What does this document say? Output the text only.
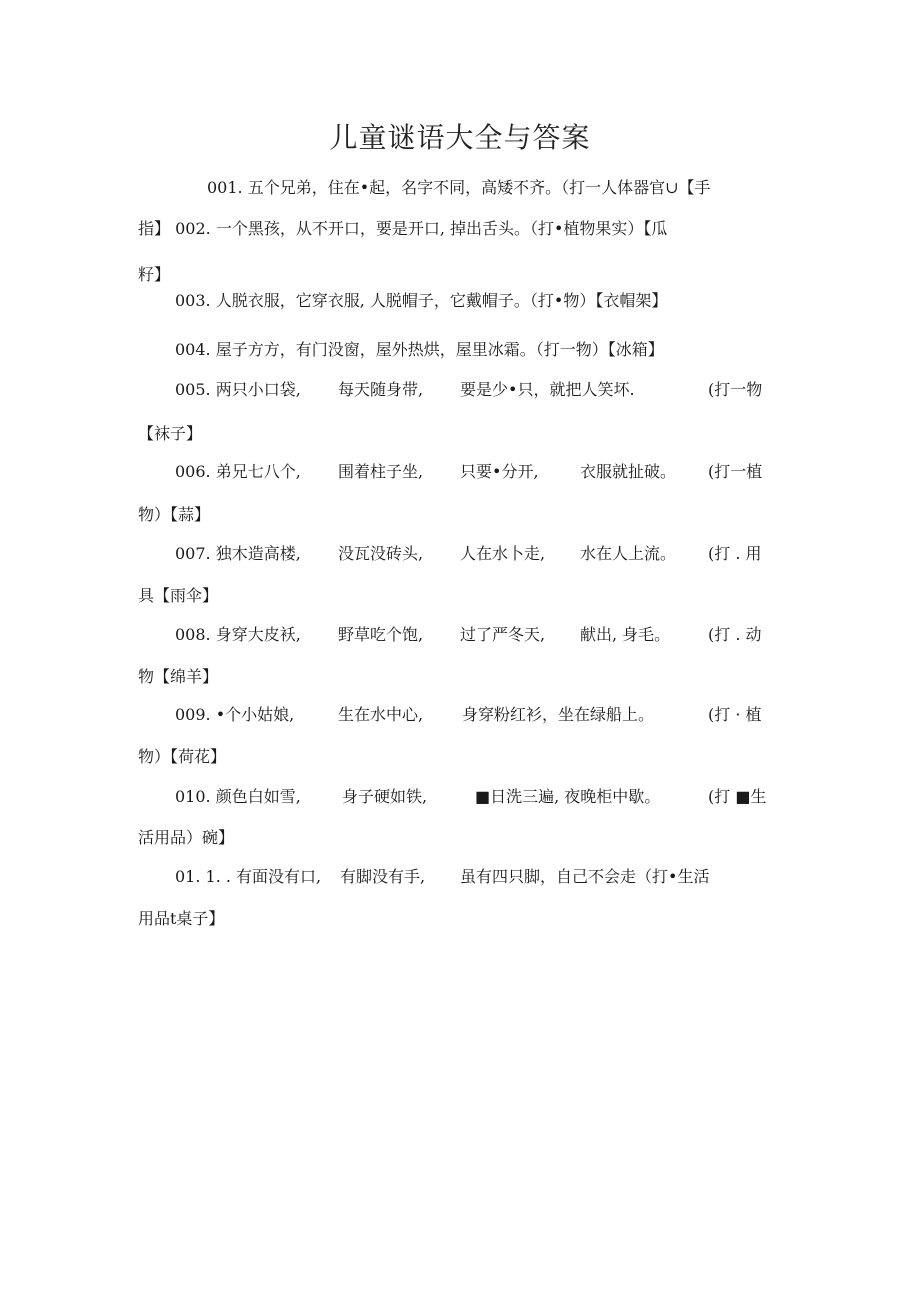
儿童谜语大全与答案
001. 五个兄弟，住在•起，名字不同，高矮不齐。（打一人体器官∪【手
指】 002. 一个黑孩，从不开口，要是开口, 掉出舌头。（打•植物果实）【瓜
籽】
003. 人脱衣服，它穿衣服, 人脱帽子，它戴帽子。（打•物）【衣帽架】
004. 屋子方方，有门没窗，屋外热烘，屋里冰霜。（打一物）【冰箱】
005. 两只小口袋, 每天随身带, 要是少•只，就把人笑坏.	(打一物
【袜子】
006. 弟兄七八个, 围着柱子坐, 只要•分开,	衣服就扯破。 (打一植
物）【蒜】
007. 独木造高楼, 没瓦没砖头, 人在水卜走, 水在人上流。 (打 . 用
具【雨伞】
008. 身穿大皮袄, 野草吃个饱, 过了严冬天, 献出, 身毛。 (打 . 动
物【绵羊】
009. •个小姑娘,	生在水中心, 身穿粉红衫，坐在绿船上。	(打 · 植
物）【荷花】
010. 颜色白如雪,	身子硬如铁,	■日洗三遍, 夜晚柜中歇。	(打 ■生
活用品）碗】
01. 1. . 有面没有口, 有脚没有手, 虽有四只脚，自己不会走（打•生活
用品t桌子】
